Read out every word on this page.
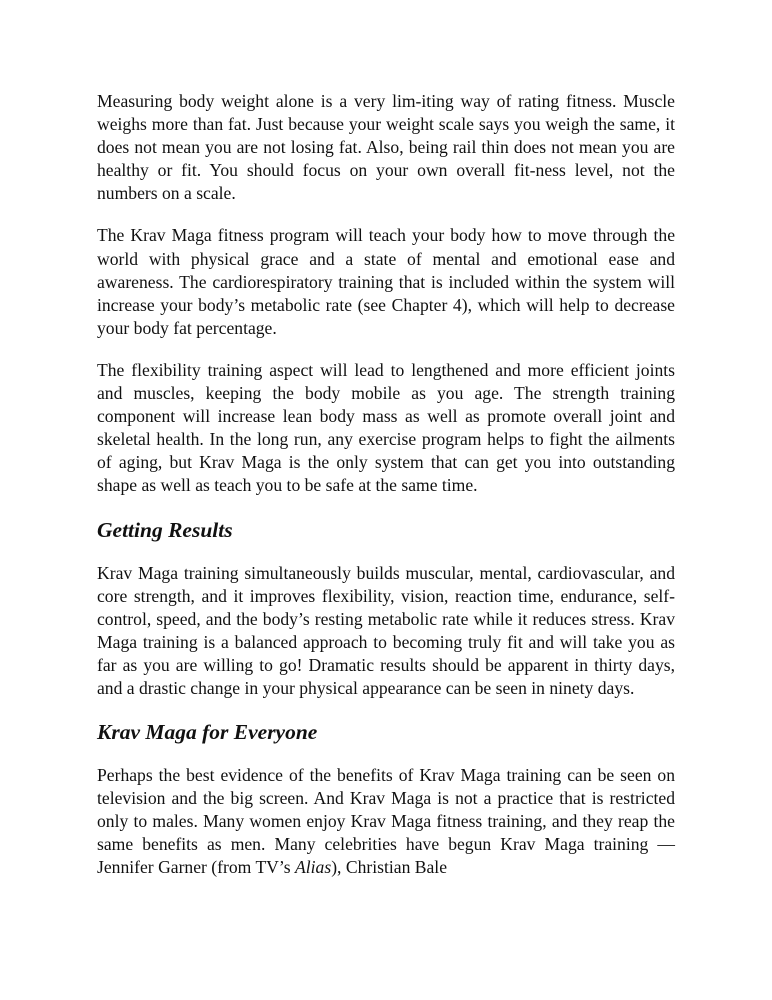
Measuring body weight alone is a very lim-iting way of rating fitness. Muscle weighs more than fat. Just because your weight scale says you weigh the same, it does not mean you are not losing fat. Also, being rail thin does not mean you are healthy or fit. You should focus on your own overall fit-ness level, not the numbers on a scale.

The Krav Maga fitness program will teach your body how to move through the world with physical grace and a state of mental and emotional ease and awareness. The cardiorespiratory training that is included within the system will increase your body’s metabolic rate (see Chapter 4), which will help to decrease your body fat percentage.

The flexibility training aspect will lead to lengthened and more efficient joints and muscles, keeping the body mobile as you age. The strength training component will increase lean body mass as well as promote overall joint and skeletal health. In the long run, any exercise program helps to fight the ailments of aging, but Krav Maga is the only system that can get you into outstanding shape as well as teach you to be safe at the same time.

Getting Results

Krav Maga training simultaneously builds muscular, mental, cardiovascular, and core strength, and it improves flexibility, vision, reaction time, endurance, self-control, speed, and the body’s resting metabolic rate while it reduces stress. Krav Maga training is a balanced approach to becoming truly fit and will take you as far as you are willing to go! Dramatic results should be apparent in thirty days, and a drastic change in your physical appearance can be seen in ninety days.

Krav Maga for Everyone

Perhaps the best evidence of the benefits of Krav Maga training can be seen on television and the big screen. And Krav Maga is not a practice that is restricted only to males. Many women enjoy Krav Maga fitness training, and they reap the same benefits as men. Many celebrities have begun Krav Maga training — Jennifer Garner (from TV’s Alias), Christian Bale
